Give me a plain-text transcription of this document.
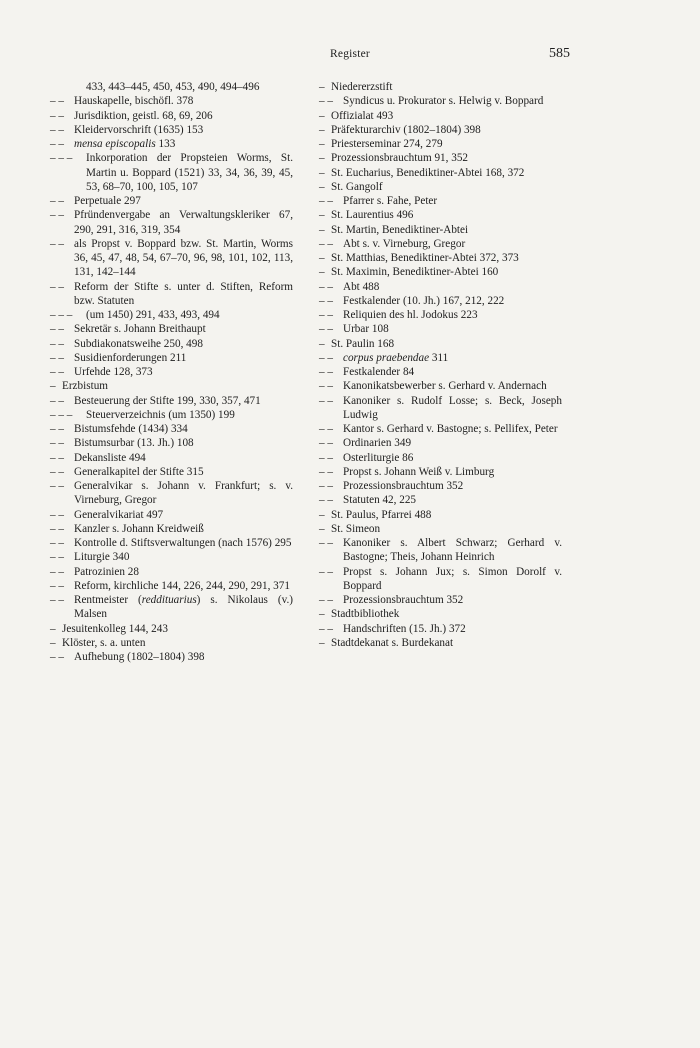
Register	585
433, 443–445, 450, 453, 490, 494–496
– – Hauskapelle, bischöfl. 378
– – Jurisdiktion, geistl. 68, 69, 206
– – Kleidervorschrift (1635) 153
– – mensa episcopalis 133
– – –	Inkorporation der Propsteien Worms, St. Martin u. Boppard (1521) 33, 34, 36, 39, 45, 53, 68–70, 100, 105, 107
– – Perpetuale 297
– – Pfründenvergabe an Verwaltungskleriker 67, 290, 291, 316, 319, 354
– – als Propst v. Boppard bzw. St. Martin, Worms 36, 45, 47, 48, 54, 67–70, 96, 98, 101, 102, 113, 131, 142–144
– – Reform der Stifte s. unter d. Stiften, Reform bzw. Statuten
– – –	(um 1450) 291, 433, 493, 494
– – Sekretär s. Johann Breithaupt
– – Subdiakonatsweihe 250, 498
– – Susidienforderungen 211
– – Urfehde 128, 373
– Erzbistum
– – Besteuerung der Stifte 199, 330, 357, 471
– – –	Steuerverzeichnis (um 1350) 199
– – Bistumsfehde (1434) 334
– – Bistumsurbar (13. Jh.) 108
– – Dekansliste 494
– – Generalkapitel der Stifte 315
– – Generalvikar s. Johann v. Frankfurt; s. v. Virneburg, Gregor
– – Generalvikariat 497
– – Kanzler s. Johann Kreidweiß
– – Kontrolle d. Stiftsverwaltungen (nach 1576) 295
– – Liturgie 340
– – Patrozinien 28
– – Reform, kirchliche 144, 226, 244, 290, 291, 371
– – Rentmeister (reddituarius) s. Nikolaus (v.) Malsen
– Jesuitenkolleg 144, 243
– Klöster, s. a. unten
– – Aufhebung (1802–1804) 398
– Niedererzstift
– – Syndicus u. Prokurator s. Helwig v. Boppard
– Offizialat 493
– Präfekturarchiv (1802–1804) 398
– Priesterseminar 274, 279
– Prozessionsbrauchtum 91, 352
– St. Eucharius, Benediktiner-Abtei 168, 372
– St. Gangolf
– – Pfarrer s. Fahe, Peter
– St. Laurentius 496
– St. Martin, Benediktiner-Abtei
– – Abt s. v. Virneburg, Gregor
– St. Matthias, Benediktiner-Abtei 372, 373
– St. Maximin, Benediktiner-Abtei 160
– – Abt 488
– – Festkalender (10. Jh.) 167, 212, 222
– – Reliquien des hl. Jodokus 223
– – Urbar 108
– St. Paulin 168
– – corpus praebendae 311
– – Festkalender 84
– – Kanonikatsbewerber s. Gerhard v. Andernach
– – Kanoniker s. Rudolf Losse; s. Beck, Joseph Ludwig
– – Kantor s. Gerhard v. Bastogne; s. Pellifex, Peter
– – Ordinarien 349
– – Osterliturgie 86
– – Propst s. Johann Weiß v. Limburg
– – Prozessionsbrauchtum 352
– – Statuten 42, 225
– St. Paulus, Pfarrei 488
– St. Simeon
– – Kanoniker s. Albert Schwarz; Gerhard v. Bastogne; Theis, Johann Heinrich
– – Propst s. Johann Jux; s. Simon Dorolf v. Boppard
– – Prozessionsbrauchtum 352
– Stadtbibliothek
– – Handschriften (15. Jh.) 372
– Stadtdekanat s. Burdekanat
